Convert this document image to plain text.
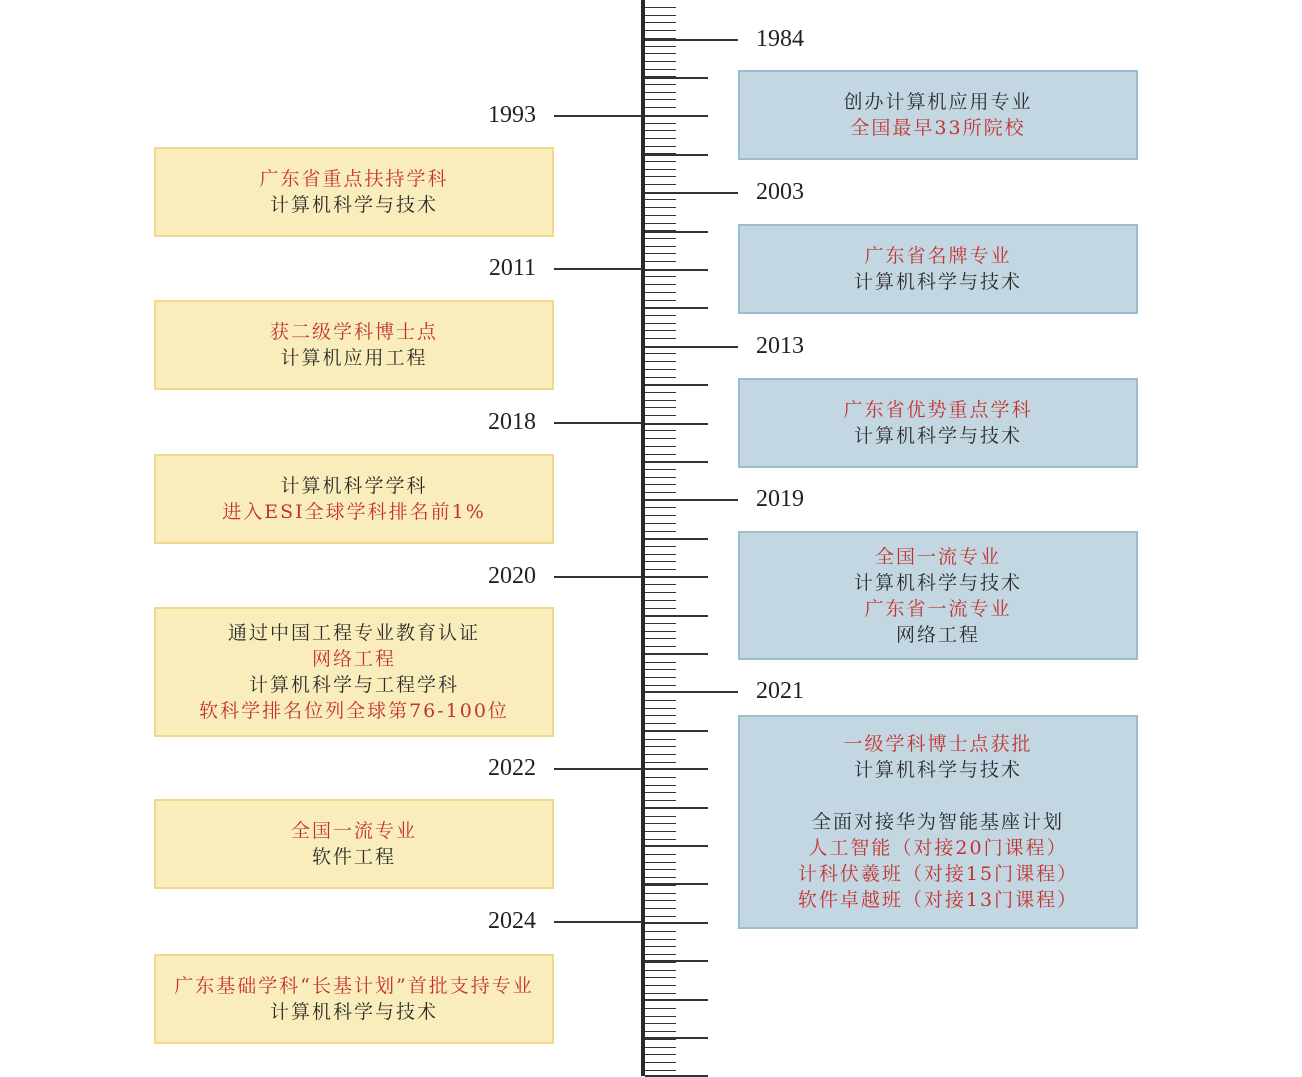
1984
创办计算机应用专业
全国最早33所院校
1993
广东省重点扶持学科
计算机科学与技术	2003
广东省名牌专业
计算机科学与技术
2011
获二级学科博士点
计算机应用工程	2013
广东省优势重点学科
计算机科学与技术
2018
计算机科学学科
进入ESI全球学科排名前1%	2019
全国一流专业
计算机科学与技术
广东省一流专业
网络工程
2020
通过中国工程专业教育认证
网络工程
计算机科学与工程学科
软科学排名位列全球第76-100位
2021
一级学科博士点获批
计算机科学与技术
全面对接华为智能基座计划
人工智能（对接20门课程）
计科伏羲班（对接15门课程）
软件卓越班（对接13门课程）
2022
全国一流专业
软件工程
2024
广东基础学科“长基计划”首批支持专业
计算机科学与技术
